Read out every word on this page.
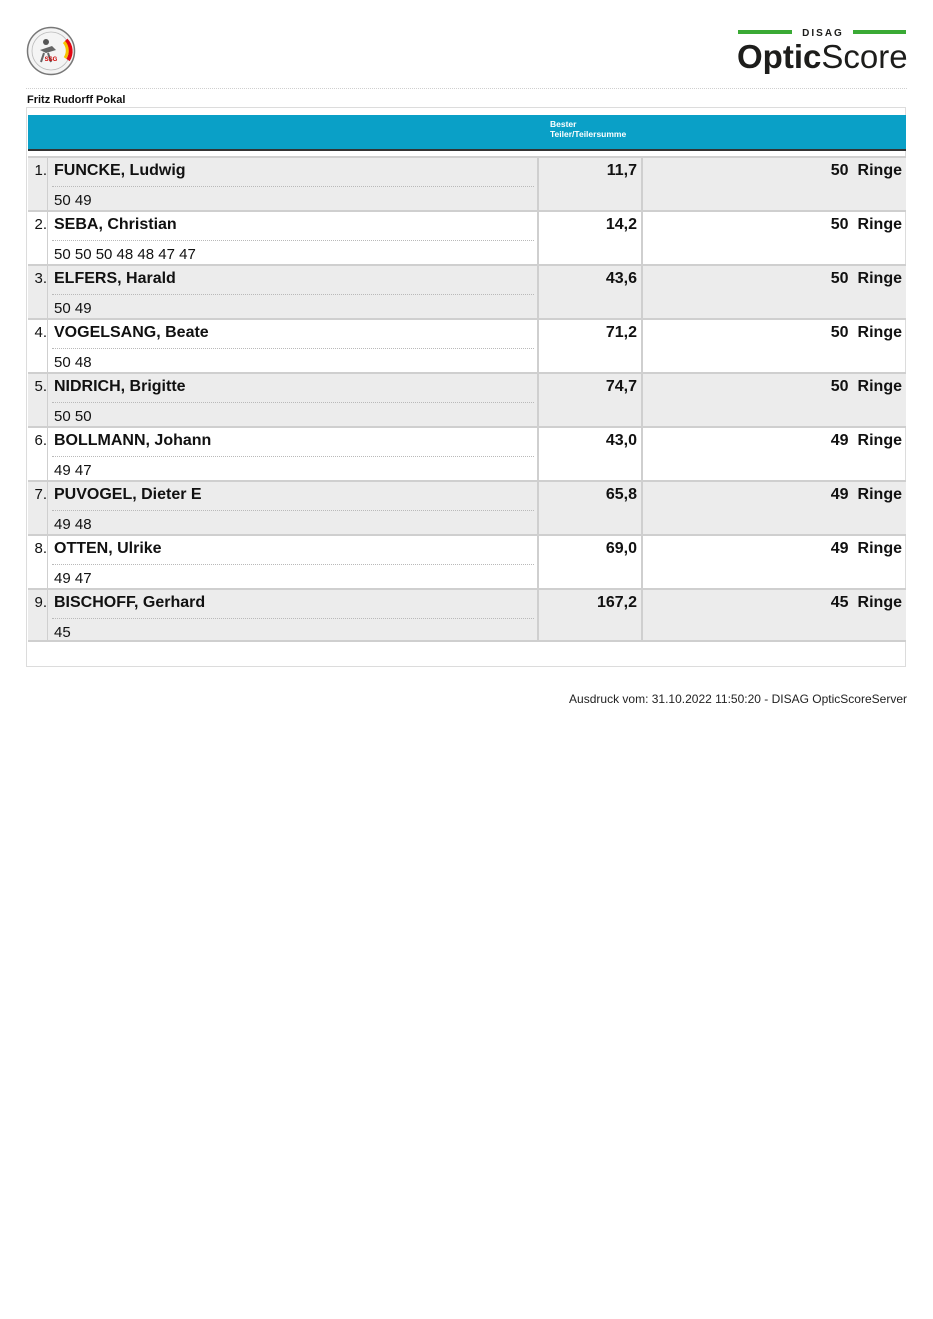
SSG
DISAG
OpticScore
Fritz Rudorff Pokal
Bester
Teiler/Teilersumme
1. FUNCKE, Ludwig
50 49
11,7	50 Ringe
2. SEBA, Christian
50 50 50 48 48 47 47
14,2	50 Ringe
3. ELFERS, Harald
50 49
43,6	50 Ringe
4. VOGELSANG, Beate
50 48
71,2	50 Ringe
5. NIDRICH, Brigitte
50 50
74,7	50 Ringe
6. BOLLMANN, Johann
49 47
43,0	49 Ringe
7. PUVOGEL, Dieter E
49 48
65,8	49 Ringe
8. OTTEN, Ulrike
49 47
69,0	49 Ringe
9. BISCHOFF, Gerhard
45
167,2	45 Ringe
Ausdruck vom: 31.10.2022 11:50:20 - DISAG OpticScoreServer
